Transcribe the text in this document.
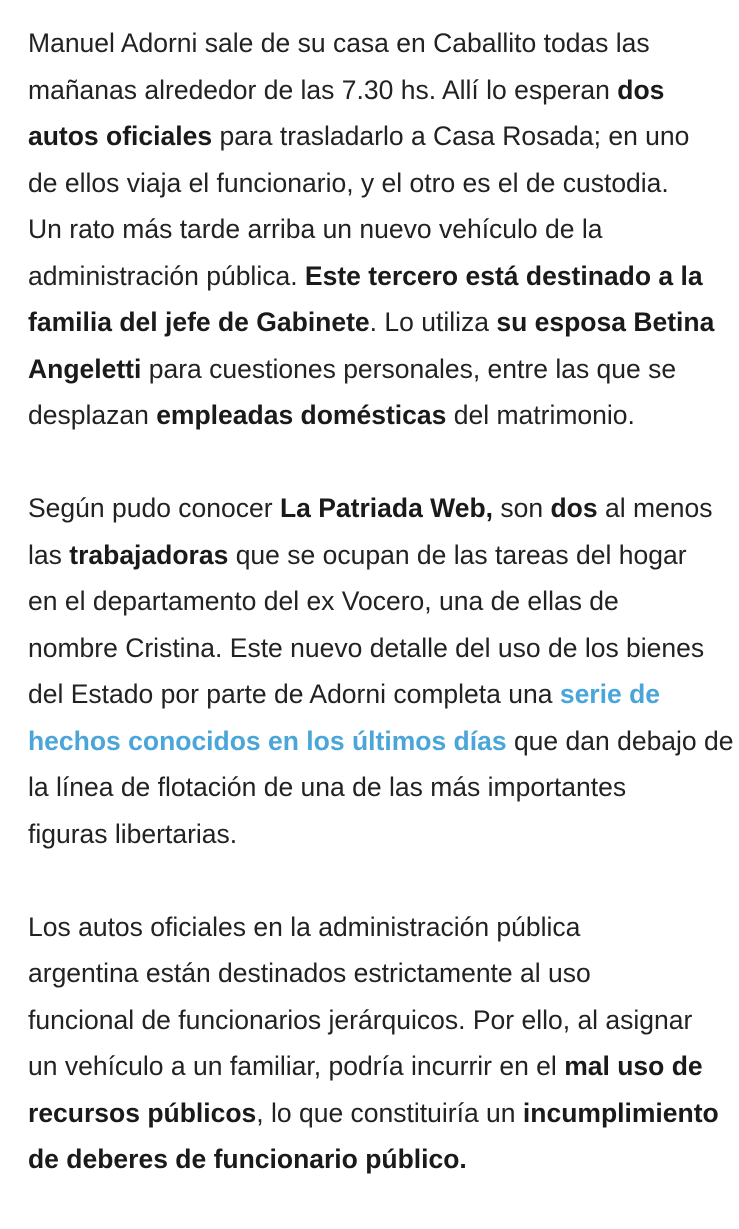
Manuel Adorni sale de su casa en Caballito todas las
mañanas alrededor de las 7.30 hs. Allí lo esperan dos
autos oficiales para trasladarlo a Casa Rosada; en uno
de ellos viaja el funcionario, y el otro es el de custodia.
Un rato más tarde arriba un nuevo vehículo de la
administración pública. Este tercero está destinado a la
familia del jefe de Gabinete. Lo utiliza su esposa Betina
Angeletti para cuestiones personales, entre las que se
desplazan empleadas domésticas del matrimonio.

Según pudo conocer La Patriada Web, son dos al menos
las trabajadoras que se ocupan de las tareas del hogar
en el departamento del ex Vocero, una de ellas de
nombre Cristina. Este nuevo detalle del uso de los bienes
del Estado por parte de Adorni completa una serie de
hechos conocidos en los últimos días que dan debajo de
la línea de flotación de una de las más importantes
figuras libertarias.

Los autos oficiales en la administración pública
argentina están destinados estrictamente al uso
funcional de funcionarios jerárquicos. Por ello, al asignar
un vehículo a un familiar, podría incurrir en el mal uso de
recursos públicos, lo que constituiría un incumplimiento
de deberes de funcionario público.
